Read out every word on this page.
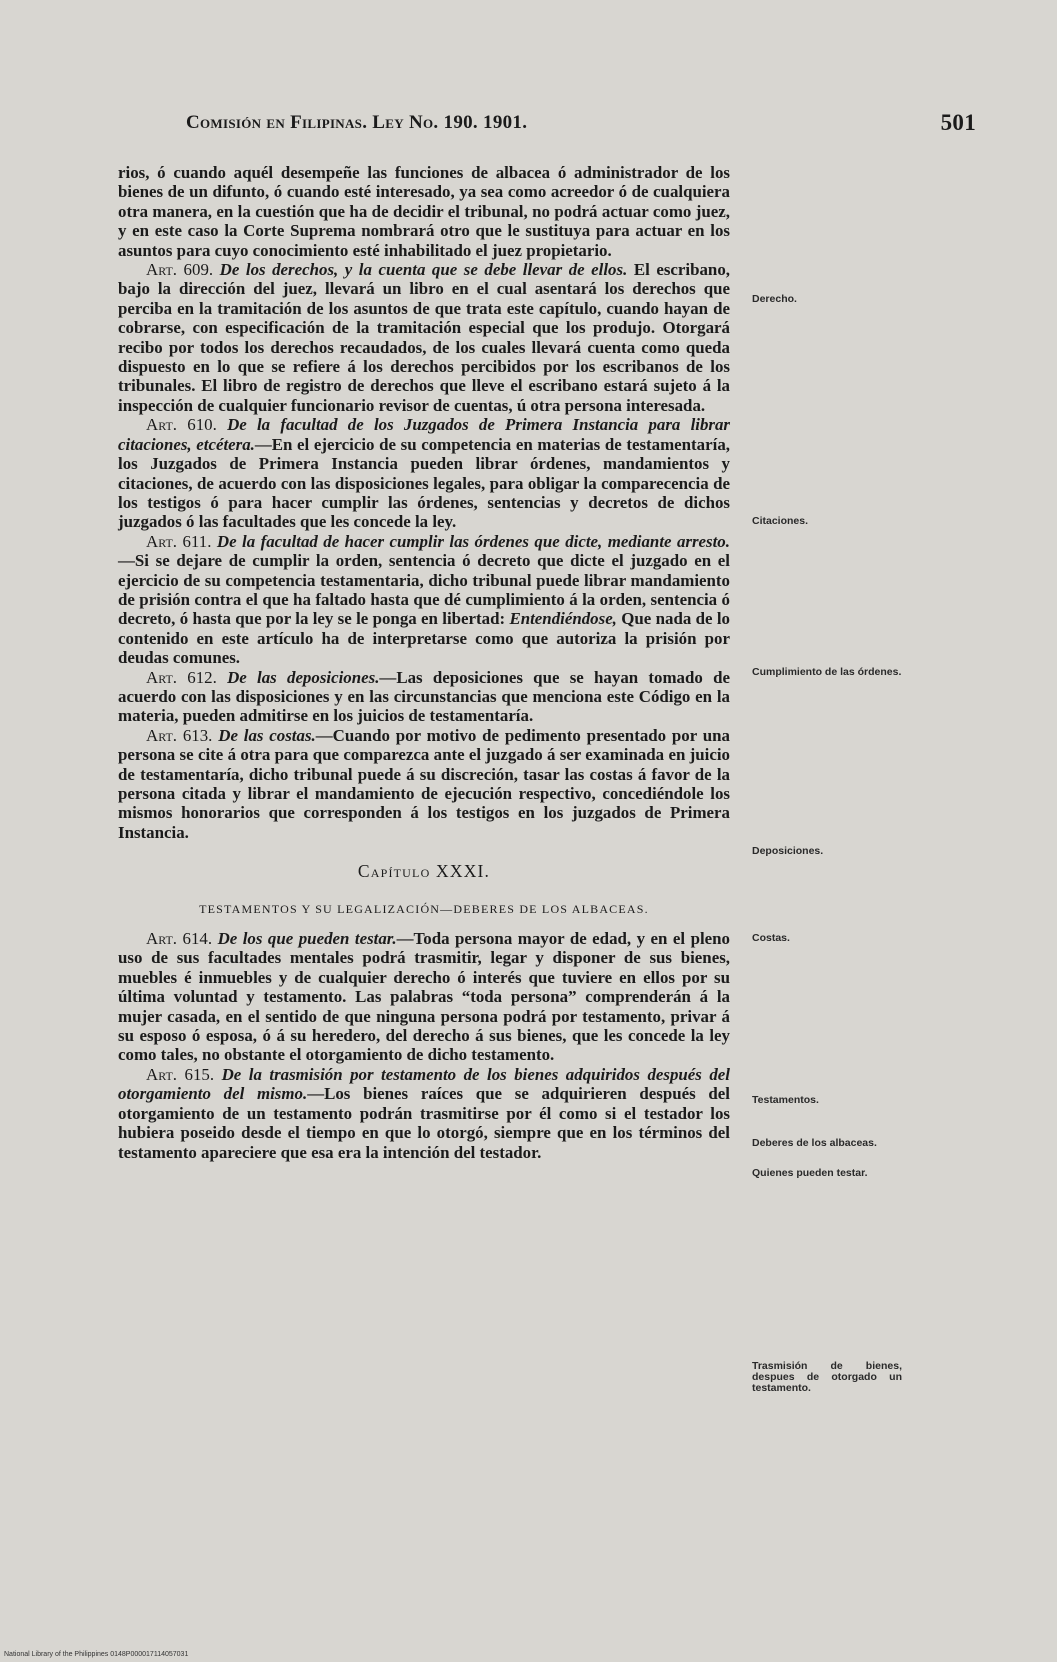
Comisión en Filipinas. Ley No. 190. 1901.	501

rios, ó cuando aquél desempeñe las funciones de albacea ó administrador de los bienes de un difunto, ó cuando esté interesado, ya sea como acreedor ó de cualquiera otra manera, en la cuestión que ha de decidir el tribunal, no podrá actuar como juez, y en este caso la Corte Suprema nombrará otro que le sustituya para actuar en los asuntos para cuyo conocimiento esté inhabilitado el juez propietario.

Art. 609. De los derechos, y la cuenta que se debe llevar de ellos. El escribano, bajo la dirección del juez, llevará un libro en el cual asentará los derechos que perciba en la tramitación de los asuntos de que trata este capítulo, cuando hayan de cobrarse, con especificación de la tramitación especial que los produjo. Otorgará recibo por todos los derechos recaudados, de los cuales llevará cuenta como queda dispuesto en lo que se refiere á los derechos percibidos por los escribanos de los tribunales. El libro de registro de derechos que lleve el escribano estará sujeto á la inspección de cualquier funcionario revisor de cuentas, ú otra persona interesada.

Art. 610. De la facultad de los Juzgados de Primera Instancia para librar citaciones, etcétera.—En el ejercicio de su competencia en materias de testamentaría, los Juzgados de Primera Instancia pueden librar órdenes, mandamientos y citaciones, de acuerdo con las disposiciones legales, para obligar la comparecencia de los testigos ó para hacer cumplir las órdenes, sentencias y decretos de dichos juzgados ó las facultades que les concede la ley.

Art. 611. De la facultad de hacer cumplir las órdenes que dicte, mediante arresto.—Si se dejare de cumplir la orden, sentencia ó decreto que dicte el juzgado en el ejercicio de su competencia testamentaria, dicho tribunal puede librar mandamiento de prisión contra el que ha faltado hasta que dé cumplimiento á la orden, sentencia ó decreto, ó hasta que por la ley se le ponga en libertad: Entendiéndose, Que nada de lo contenido en este artículo ha de interpretarse como que autoriza la prisión por deudas comunes.

Art. 612. De las deposiciones.—Las deposiciones que se hayan tomado de acuerdo con las disposiciones y en las circunstancias que menciona este Código en la materia, pueden admitirse en los juicios de testamentaría.

Art. 613. De las costas.—Cuando por motivo de pedimento presentado por una persona se cite á otra para que comparezca ante el juzgado á ser examinada en juicio de testamentaría, dicho tribunal puede á su discreción, tasar las costas á favor de la persona citada y librar el mandamiento de ejecución respectivo, concediéndole los mismos honorarios que corresponden á los testigos en los juzgados de Primera Instancia.

Capítulo XXXI.
TESTAMENTOS Y SU LEGALIZACIÓN—DEBERES DE LOS ALBACEAS.

Art. 614. De los que pueden testar.—Toda persona mayor de edad, y en el pleno uso de sus facultades mentales podrá trasmitir, legar y disponer de sus bienes, muebles é inmuebles y de cualquier derecho ó interés que tuviere en ellos por su última voluntad y testamento. Las palabras “toda persona” comprenderán á la mujer casada, en el sentido de que ninguna persona podrá por testamento, privar á su esposo ó esposa, ó á su heredero, del derecho á sus bienes, que les concede la ley como tales, no obstante el otorgamiento de dicho testamento.

Art. 615. De la trasmisión por testamento de los bienes adquiridos después del otorgamiento del mismo.—Los bienes raíces que se adquirieren después del otorgamiento de un testamento podrán trasmitirse por él como si el testador los hubiera poseido desde el tiempo en que lo otorgó, siempre que en los términos del testamento apareciere que esa era la intención del testador.

Derecho.
Citaciones.
Cumplimiento de las órdenes.
Deposiciones.
Costas.
Testamentos.
Deberes de los albaceas.
Quienes pueden testar.
Trasmisión de bienes, despues de otorgado un testamento.
National Library of the Philippines 0148P000017114057031
